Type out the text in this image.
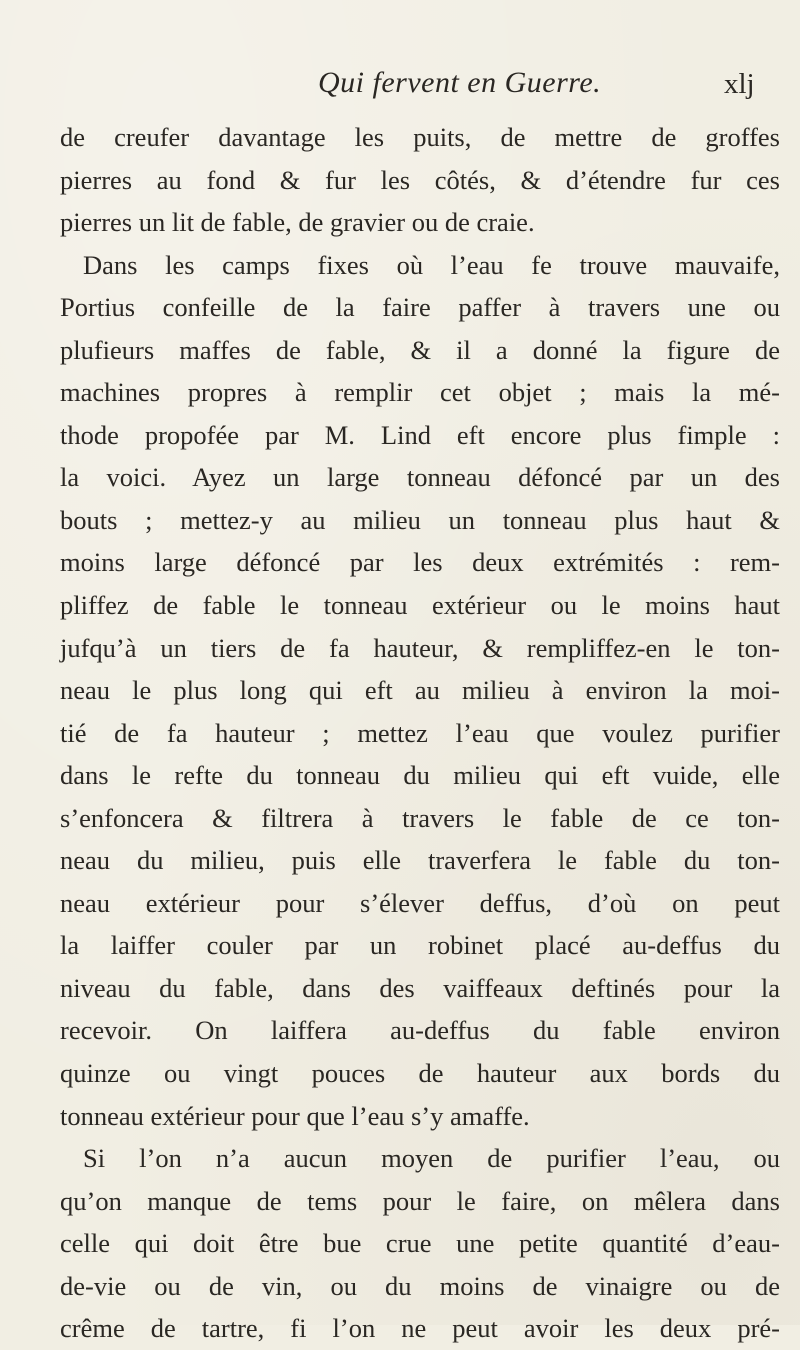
Qui fervent en Guerre.	xlj
de creufer davantage les puits, de mettre de groffes
pierres au fond & fur les côtés, & d’étendre fur ces
pierres un lit de fable, de gravier ou de craie.
Dans les camps fixes où l’eau fe trouve mauvaife,
Portius confeille de la faire paffer à travers une ou
plufieurs maffes de fable, & il a donné la figure de
machines propres à remplir cet objet ; mais la mé-
thode propofée par M. Lind eft encore plus fimple :
la voici. Ayez un large tonneau défoncé par un des
bouts ; mettez-y au milieu un tonneau plus haut &
moins large défoncé par les deux extrémités : rem-
pliffez de fable le tonneau extérieur ou le moins haut
jufqu’à un tiers de fa hauteur, & rempliffez-en le ton-
neau le plus long qui eft au milieu à environ la moi-
tié de fa hauteur ; mettez l’eau que voulez purifier
dans le refte du tonneau du milieu qui eft vuide, elle
s’enfoncera & filtrera à travers le fable de ce ton-
neau du milieu, puis elle traverfera le fable du ton-
neau extérieur pour s’élever deffus, d’où on peut
la laiffer couler par un robinet placé au-deffus du
niveau du fable, dans des vaiffeaux deftinés pour la
recevoir. On laiffera au-deffus du fable environ
quinze ou vingt pouces de hauteur aux bords du
tonneau extérieur pour que l’eau s’y amaffe.
Si l’on n’a aucun moyen de purifier l’eau, ou
qu’on manque de tems pour le faire, on mêlera dans
celle qui doit être bue crue une petite quantité d’eau-
de-vie ou de vin, ou du moins de vinaigre ou de
crême de tartre, fi l’on ne peut avoir les deux pré-
